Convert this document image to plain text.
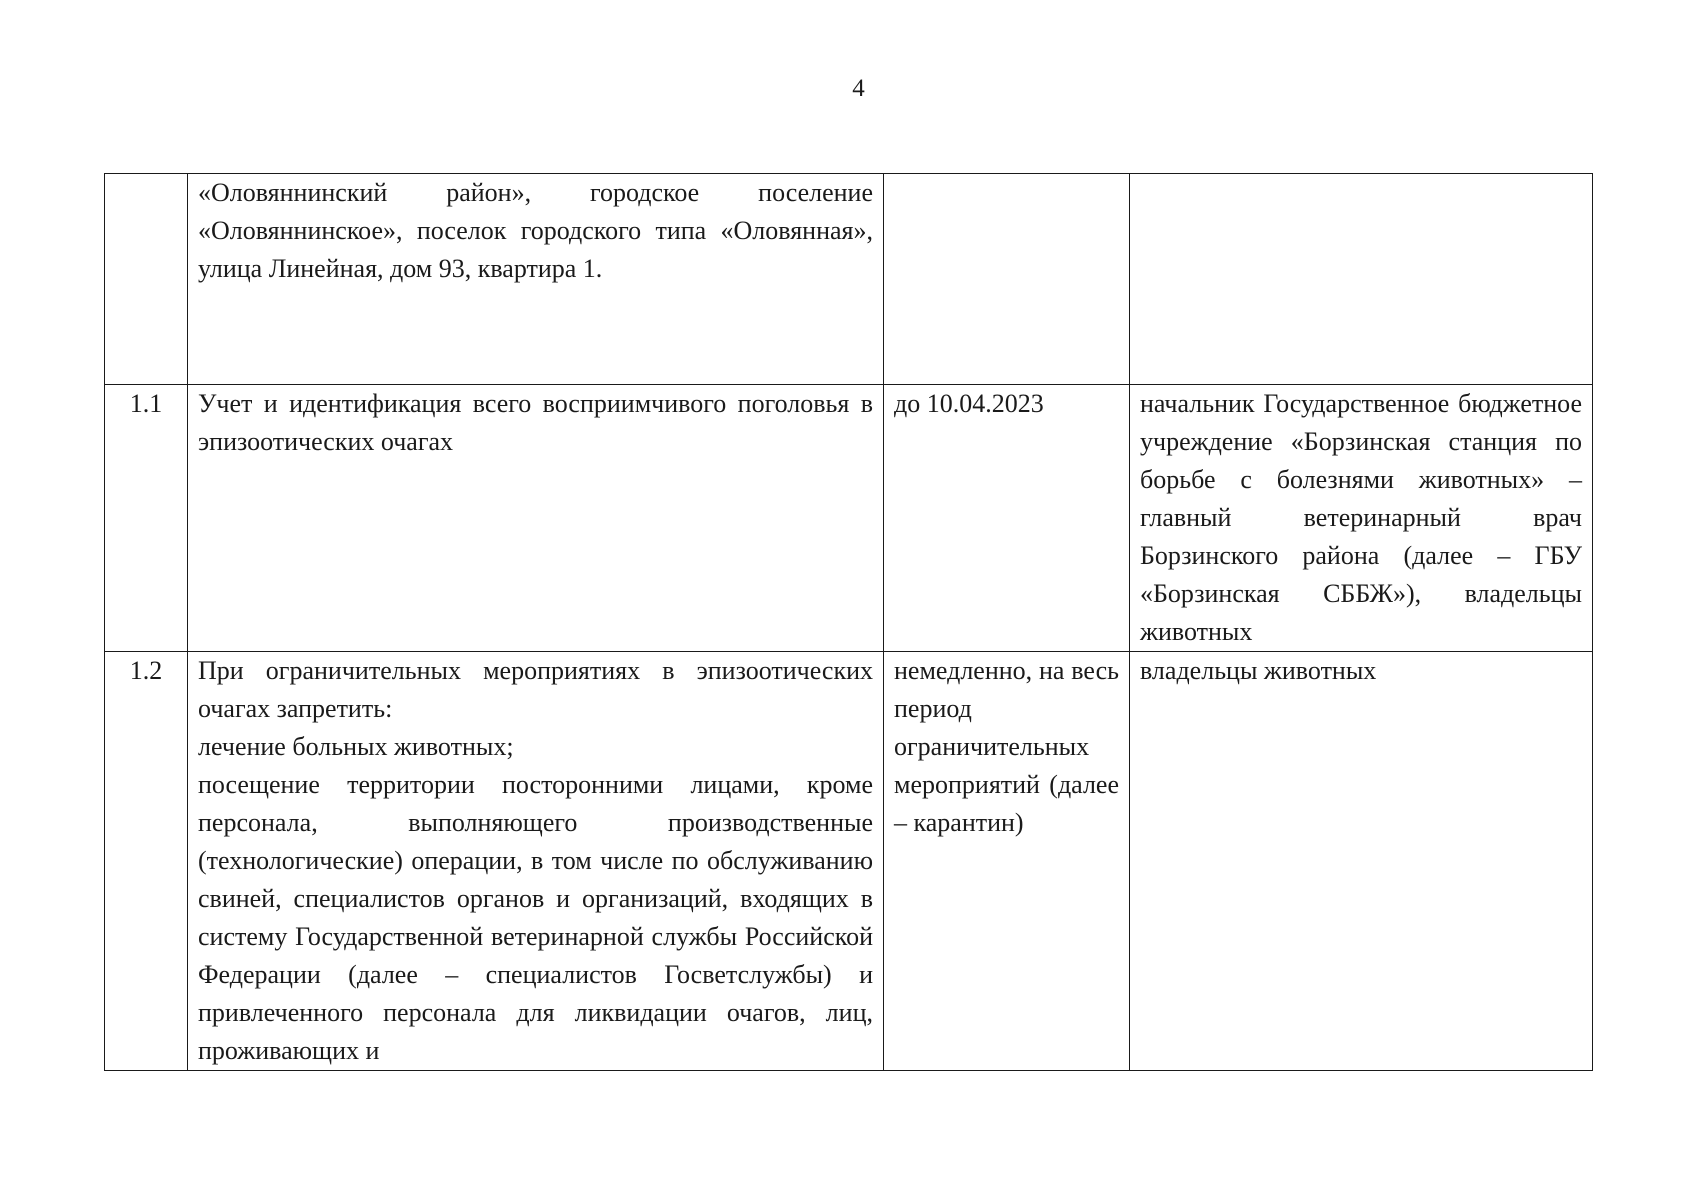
4

	«Оловяннинский район», городское поселение «Оловяннинское», поселок городского типа «Оловянная», улица Линейная, дом 93, квартира 1.		

1.1	Учет и идентификация всего восприимчивого поголовья в эпизоотических очагах	до 10.04.2023	начальник Государственное бюджетное учреждение «Борзинская станция по борьбе с болезнями животных» – главный ветеринарный врач Борзинского района (далее – ГБУ «Борзинская СББЖ»), владельцы животных

1.2	При ограничительных мероприятиях в эпизоотических очагах запретить:
лечение больных животных;
посещение территории посторонними лицами, кроме персонала, выполняющего производственные (технологические) операции, в том числе по обслуживанию свиней, специалистов органов и организаций, входящих в систему Государственной ветеринарной службы Российской Федерации (далее – специалистов Госветслужбы) и привлеченного персонала для ликвидации очагов, лиц, проживающих и	немедленно, на весь период ограничительных мероприятий (далее – карантин)	владельцы животных
